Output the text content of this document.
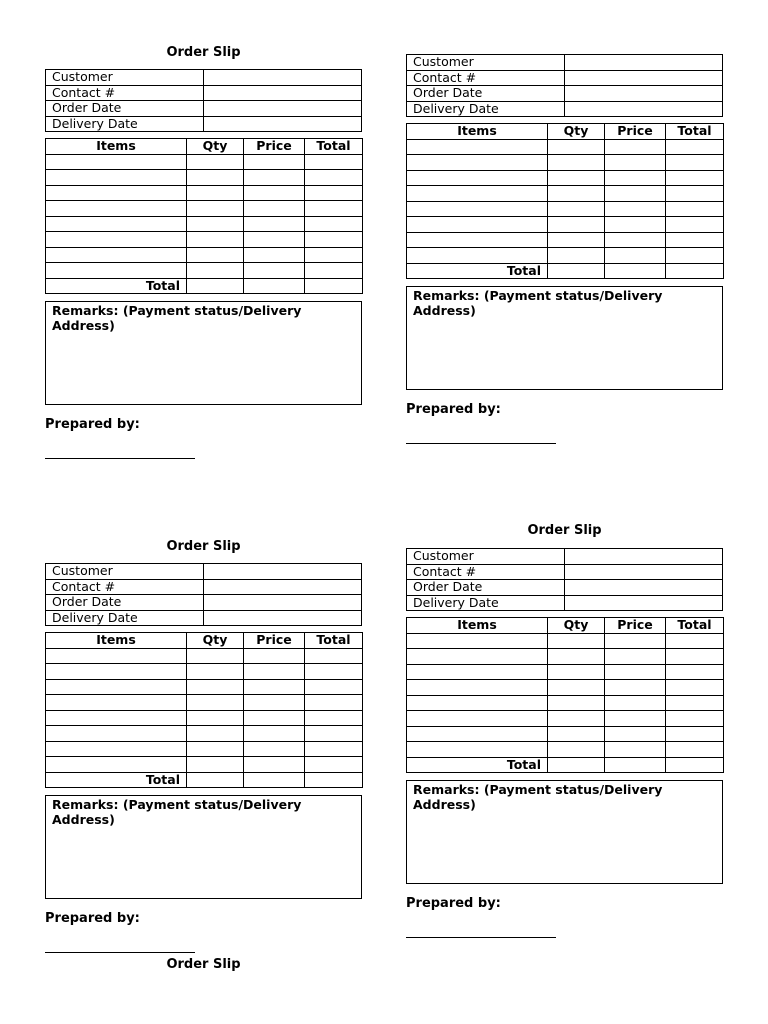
Order Slip
Order Slip
Order Slip
Order Slip
Customer	
Contact #	
Order Date	
Delivery Date	
Items	Qty	Price	Total

Total			
Remarks: (Payment status/Delivery Address)
Prepared by:
Customer	
Contact #	
Order Date	
Delivery Date	
Items	Qty	Price	Total

Total			
Remarks: (Payment status/Delivery Address)
Prepared by:
Customer	
Contact #	
Order Date	
Delivery Date	
Items	Qty	Price	Total

Total			
Remarks: (Payment status/Delivery Address)
Prepared by:
Customer	
Contact #	
Order Date	
Delivery Date	
Items	Qty	Price	Total

Total			
Remarks: (Payment status/Delivery Address)
Prepared by:
